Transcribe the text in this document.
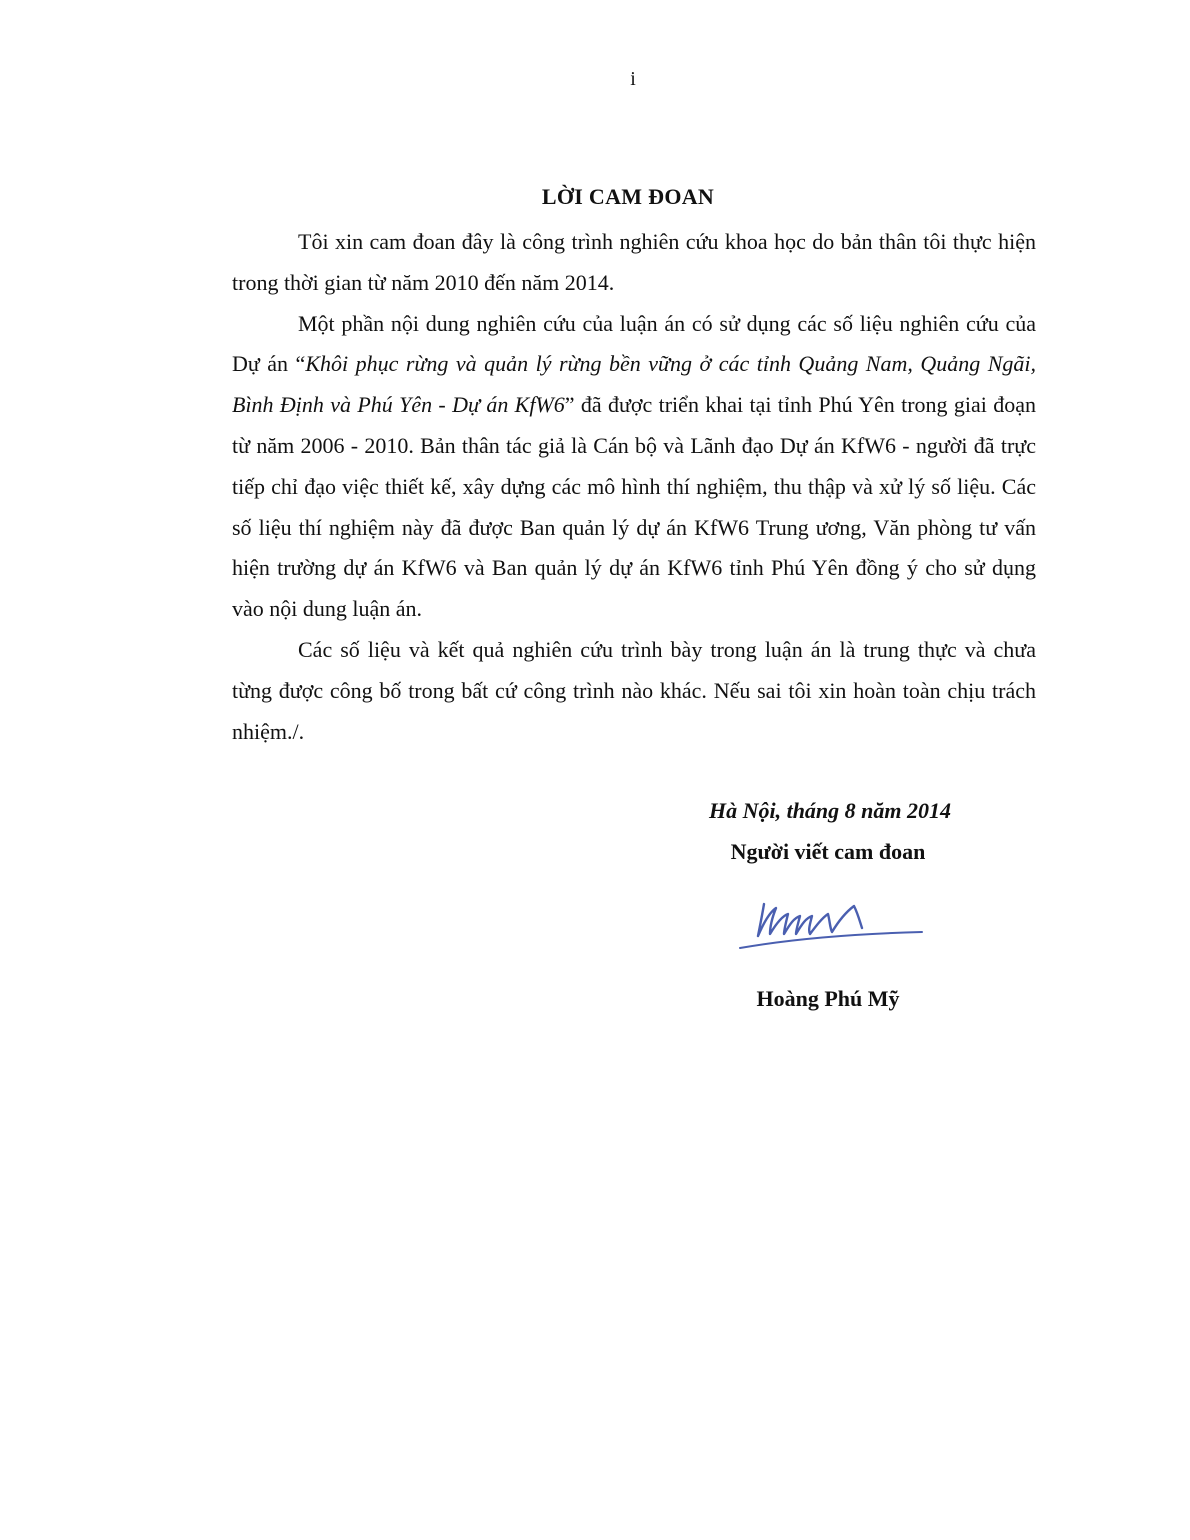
i
LỜI CAM ĐOAN

Tôi xin cam đoan đây là công trình nghiên cứu khoa học do bản thân tôi thực hiện trong thời gian từ năm 2010 đến năm 2014.

Một phần nội dung nghiên cứu của luận án có sử dụng các số liệu nghiên cứu của Dự án “Khôi phục rừng và quản lý rừng bền vững ở các tỉnh Quảng Nam, Quảng Ngãi, Bình Định và Phú Yên - Dự án KfW6” đã được triển khai tại tỉnh Phú Yên trong giai đoạn từ năm 2006 - 2010. Bản thân tác giả là Cán bộ và Lãnh đạo Dự án KfW6 - người đã trực tiếp chỉ đạo việc thiết kế, xây dựng các mô hình thí nghiệm, thu thập và xử lý số liệu. Các số liệu thí nghiệm này đã được Ban quản lý dự án KfW6 Trung ương, Văn phòng tư vấn hiện trường dự án KfW6 và Ban quản lý dự án KfW6 tỉnh Phú Yên đồng ý cho sử dụng vào nội dung luận án.

Các số liệu và kết quả nghiên cứu trình bày trong luận án là trung thực và chưa từng được công bố trong bất cứ công trình nào khác. Nếu sai tôi xin hoàn toàn chịu trách nhiệm./.

Hà Nội, tháng 8 năm 2014
Người viết cam đoan
Hoàng Phú Mỹ
